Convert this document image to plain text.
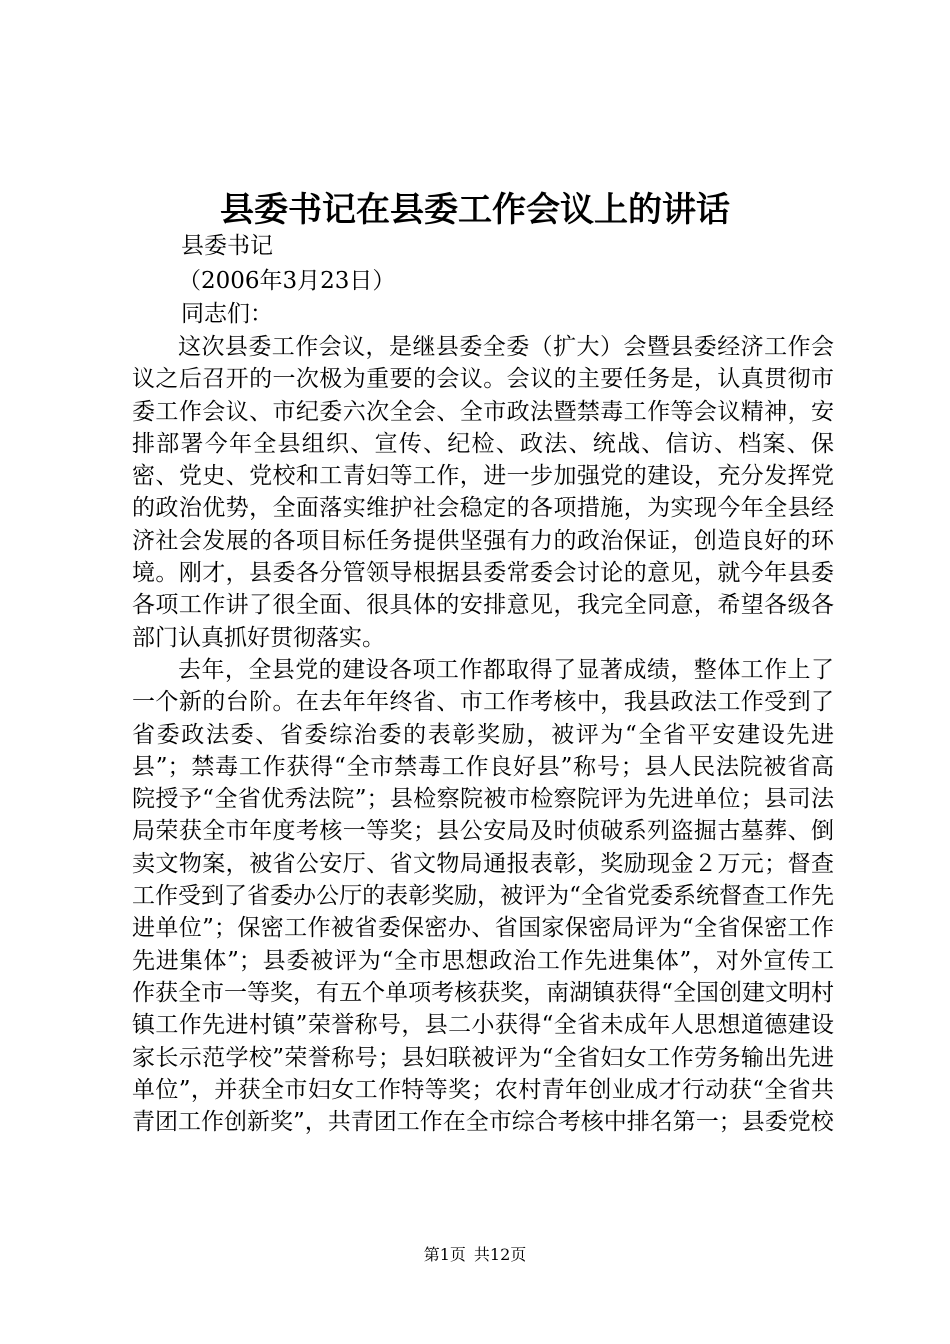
县委书记在县委工作会议上的讲话
县委书记
（2006年3月23日）
同志们：

这次县委工作会议，是继县委全委（扩大）会暨县委经济工作会议之后召开的一次极为重要的会议。会议的主要任务是，认真贯彻市委工作会议、市纪委六次全会、全市政法暨禁毒工作等会议精神，安排部署今年全县组织、宣传、纪检、政法、统战、信访、档案、保密、党史、党校和工青妇等工作，进一步加强党的建设，充分发挥党的政治优势，全面落实维护社会稳定的各项措施，为实现今年全县经济社会发展的各项目标任务提供坚强有力的政治保证，创造良好的环境。刚才，县委各分管领导根据县委常委会讨论的意见，就今年县委各项工作讲了很全面、很具体的安排意见，我完全同意，希望各级各部门认真抓好贯彻落实。

去年，全县党的建设各项工作都取得了显著成绩，整体工作上了一个新的台阶。在去年年终省、市工作考核中，我县政法工作受到了省委政法委、省委综治委的表彰奖励，被评为“全省平安建设先进县”；禁毒工作获得“全市禁毒工作良好县”称号；县人民法院被省高院授予“全省优秀法院”；县检察院被市检察院评为先进单位；县司法局荣获全市年度考核一等奖；县公安局及时侦破系列盗掘古墓葬、倒卖文物案，被省公安厅、省文物局通报表彰，奖励现金２万元；督查工作受到了省委办公厅的表彰奖励，被评为“全省党委系统督查工作先进单位”；保密工作被省委保密办、省国家保密局评为“全省保密工作先进集体”；县委被评为“全市思想政治工作先进集体”，对外宣传工作获全市一等奖，有五个单项考核获奖，南湖镇获得“全国创建文明村镇工作先进村镇”荣誉称号，县二小获得“全省未成年人思想道德建设家长示范学校”荣誉称号；县妇联被评为“全省妇女工作劳务输出先进单位”，并获全市妇女工作特等奖；农村青年创业成才行动获“全省共青团工作创新奖”，共青团工作在全市综合考核中排名第一；县委党校

第1页 共12页
